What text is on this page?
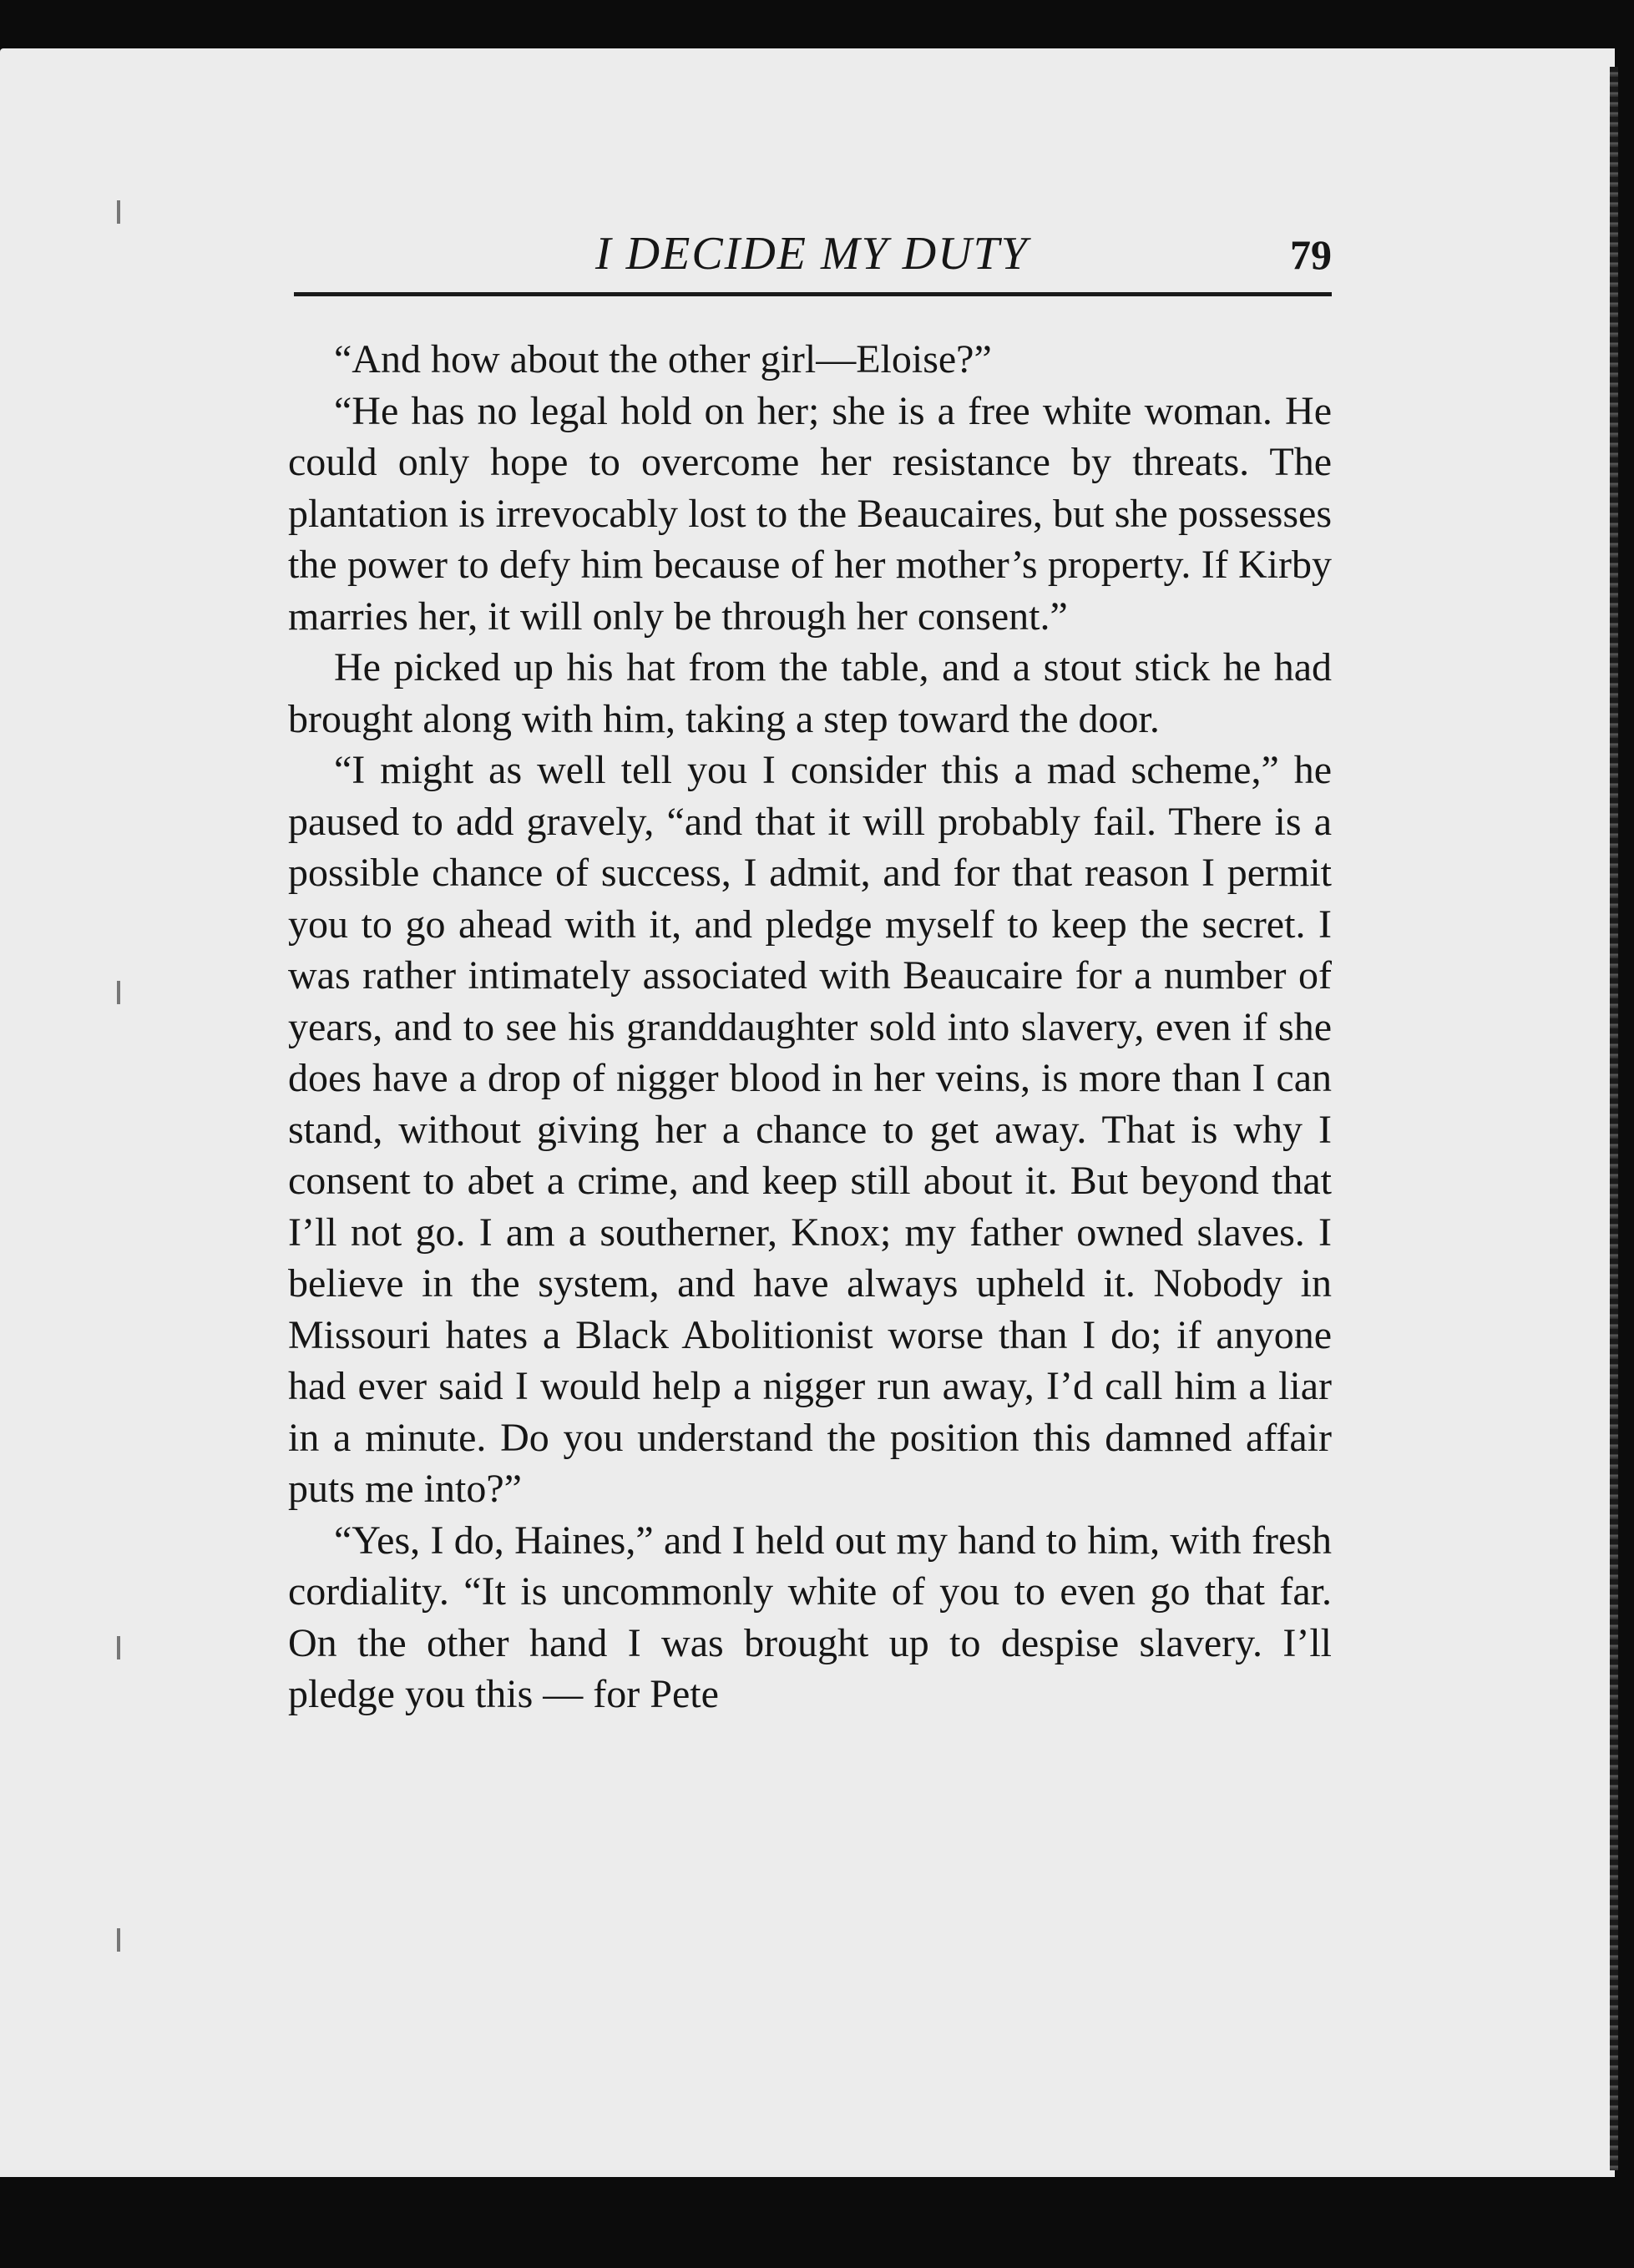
I DECIDE MY DUTY	79

“And how about the other girl—Eloise?”

“He has no legal hold on her; she is a free white woman. He could only hope to overcome her resistance by threats. The plantation is irrevocably lost to the Beaucaires, but she possesses the power to defy him because of her mother’s property. If Kirby marries her, it will only be through her consent.”

He picked up his hat from the table, and a stout stick he had brought along with him, taking a step toward the door.

“I might as well tell you I consider this a mad scheme,” he paused to add gravely, “and that it will probably fail. There is a possible chance of success, I admit, and for that reason I permit you to go ahead with it, and pledge myself to keep the secret. I was rather intimately associated with Beaucaire for a number of years, and to see his granddaughter sold into slavery, even if she does have a drop of nigger blood in her veins, is more than I can stand, without giving her a chance to get away. That is why I consent to abet a crime, and keep still about it. But beyond that I’ll not go. I am a southerner, Knox; my father owned slaves. I believe in the system, and have always upheld it. Nobody in Missouri hates a Black Abolitionist worse than I do; if anyone had ever said I would help a nigger run away, I’d call him a liar in a minute. Do you understand the position this damned affair puts me into?”

“Yes, I do, Haines,” and I held out my hand to him, with fresh cordiality. “It is uncommonly white of you to even go that far. On the other hand I was brought up to despise slavery. I’ll pledge you this — for Pete
